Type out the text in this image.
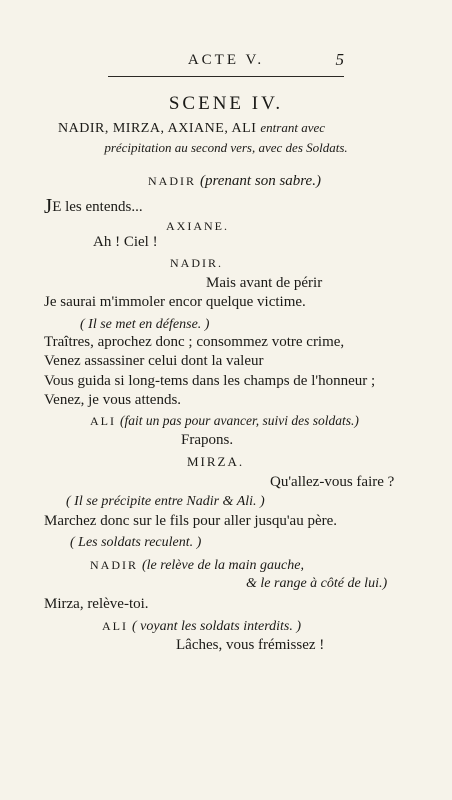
ACTE V.	5
SCENE IV.
NADIR, MIRZA, AXIANE, ALI entrant avec
précipitation au second vers, avec des Soldats.
NADIR (prenant son sabre.)
JE les entends...
AXIANE.
Ah ! Ciel !
NADIR.
Mais avant de périr
Je saurai m'immoler encor quelque victime.
( Il se met en défense. )
Traîtres, aprochez donc ; consommez votre crime,
Venez assassiner celui dont la valeur
Vous guida si long-tems dans les champs de l'honneur ;
Venez, je vous attends.
ALI (fait un pas pour avancer, suivi des soldats.)
Frapons.
MIRZA.
Qu'allez-vous faire ?
( Il se précipite entre Nadir & Ali. )
Marchez donc sur le fils pour aller jusqu'au père.
( Les soldats reculent. )
NADIR (le relève de la main gauche,
& le range à côté de lui.)
Mirza, relève-toi.
ALI ( voyant les soldats interdits. )
Lâches, vous frémissez !
